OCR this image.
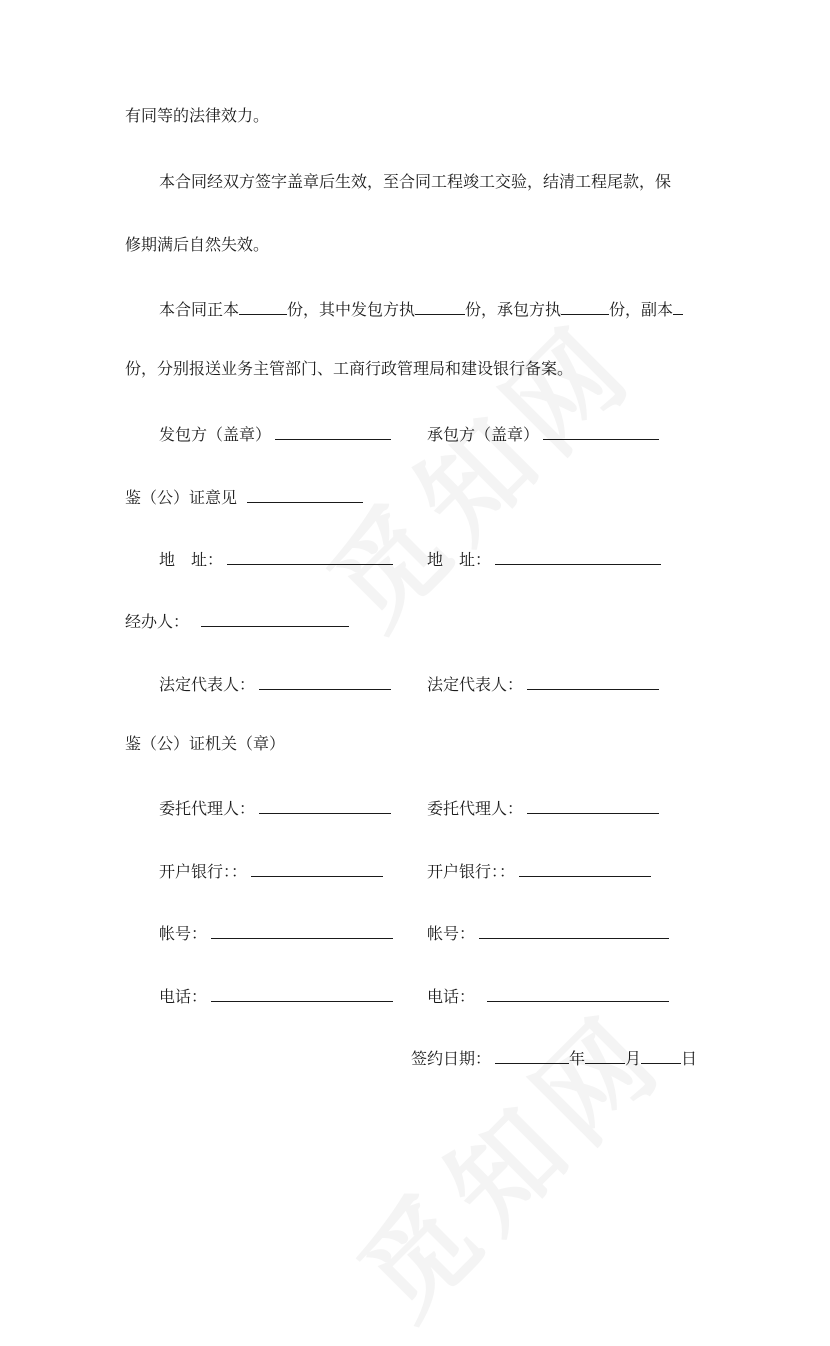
有同等的法律效力。
本合同经双方签字盖章后生效，至合同工程竣工交验，结清工程尾款，保
修期满后自然失效。
本合同正本	份，其中发包方执	份，承包方执	份，副本
份，分别报送业务主管部门、工商行政管理局和建设银行备案。
发包方（盖章）	承包方（盖章）
鉴（公）证意见
地　址：	地　址：
经办人：
法定代表人：	法定代表人：
鉴（公）证机关（章）
委托代理人：	委托代理人：
开户银行：：	开户银行：：
帐号：	帐号：
电话：	电话：
签约日期：	年	月	日
